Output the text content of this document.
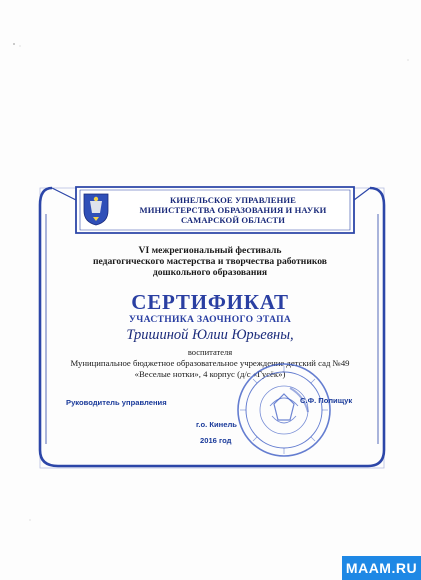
КИНЕЛЬСКОЕ УПРАВЛЕНИЕ
МИНИСТЕРСТВА ОБРАЗОВАНИЯ И НАУКИ
САМАРСКОЙ ОБЛАСТИ
VI межрегиональный фестиваль
педагогического мастерства и творчества работников
дошкольного образования
СЕРТИФИКАТ
УЧАСТНИКА ЗАОЧНОГО ЭТАПА
Тришиной Юлии Юрьевны,
воспитателя
Муниципальное бюджетное образовательное учреждение детский сад №49
«Веселые нотки», 4 корпус (д/с «Гусёк»)
Руководитель управления	С.Ф. Полищук
г.о. Кинель
2016 год
MAAM.RU
